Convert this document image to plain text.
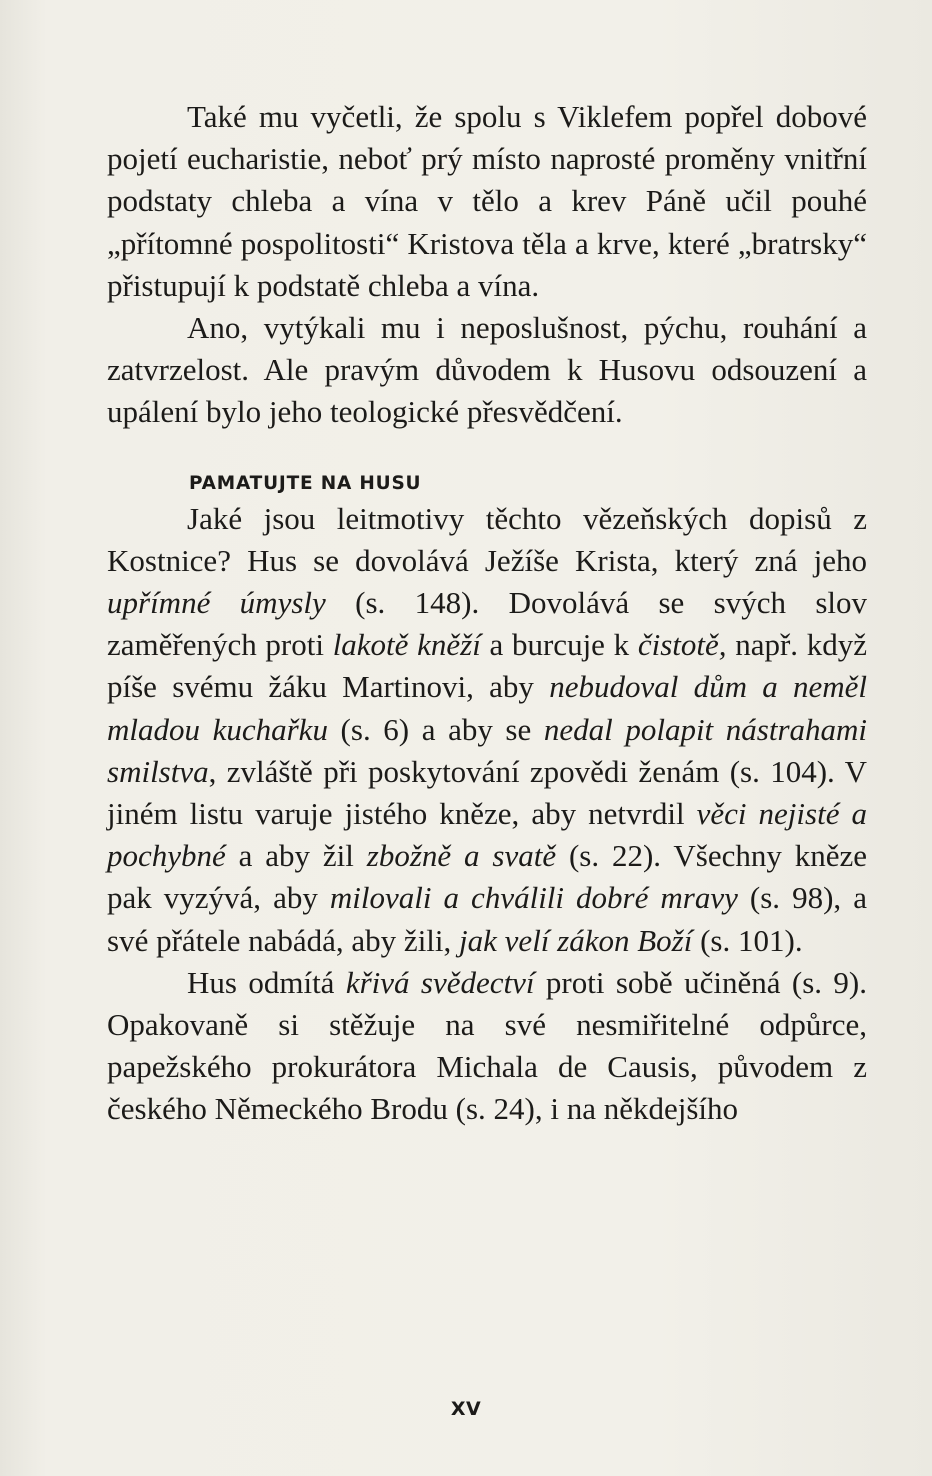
Také mu vyčetli, že spolu s Viklefem popřel dobové pojetí eucharistie, neboť prý místo naprosté proměny vnitřní podstaty chleba a vína v tělo a krev Páně učil pouhé „přítomné pospolitosti“ Kristova těla a krve, které „bratrsky“ přistupují k podstatě chleba a vína.

Ano, vytýkali mu i neposlušnost, pýchu, rouhání a zatvrzelost. Ale pravým důvodem k Husovu odsouzení a upálení bylo jeho teologické přesvědčení.

PAMATUJTE NA HUSU

Jaké jsou leitmotivy těchto vězeňských dopisů z Kostnice? Hus se dovolává Ježíše Krista, který zná jeho upřímné úmysly (s. 148). Dovolává se svých slov zaměřených proti lakotě kněží a burcuje k čistotě, např. když píše svému žáku Martinovi, aby nebudoval dům a neměl mladou kuchařku (s. 6) a aby se nedal polapit nástrahami smilstva, zvláště při poskytování zpovědi ženám (s. 104). V jiném listu varuje jistého kněze, aby netvrdil věci nejisté a pochybné a aby žil zbožně a svatě (s. 22). Všechny kněze pak vyzývá, aby milovali a chválili dobré mravy (s. 98), a své přátele nabádá, aby žili, jak velí zákon Boží (s. 101).

Hus odmítá křivá svědectví proti sobě učiněná (s. 9). Opakovaně si stěžuje na své nesmiřitelné odpůrce, papežského prokurátora Michala de Causis, původem z českého Německého Brodu (s. 24), i na někdejšího

XV
